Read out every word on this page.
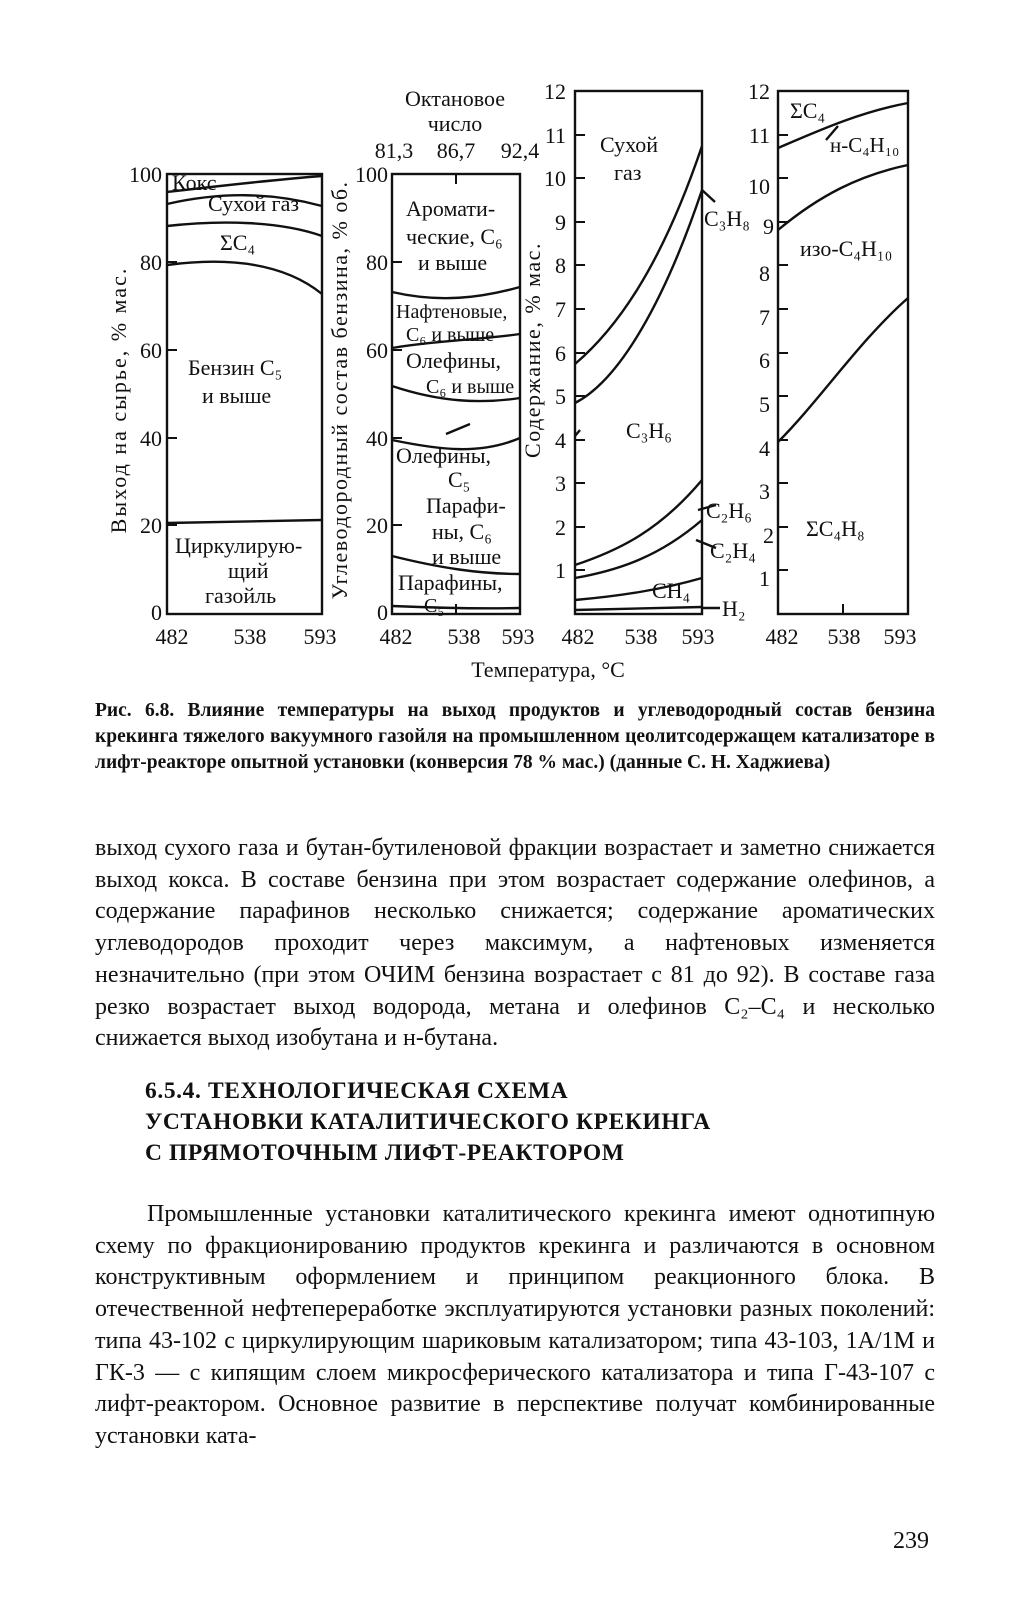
Выход на сырье, % мас.
100
80
60
40
20
0
482 538 593
Кокс
Сухой газ
ΣC₄
Бензин C₅
и выше
Циркулирую-
щий
газойль Углеводородный состав бензина, % об.
Октановое
число
81,3 86,7 92,4
100
80
60
40
20
0
482 538 593
Аромати-
ческие, C₆
и выше
Нафтеновые,
C₆ и выше
Олефины,
C₆ и выше
Олефины,
C₅
Парафи-
ны, C₆
и выше
Парафины,
C₅
Содержание, % мас.
12
11
10
9
8
7
6
5
4
3
2
1
482 538 593
Сухой
газ
C₃H₈
C₃H₆
C₂H₆
C₂H₄
CH₄
H₂
12
11
10
9
8
7
6
5
4
3
2
1
482 538 593
ΣC₄
н-C₄H₁₀
изо-C₄H₁₀
ΣC₄H₈
Температура, °C

Рис. 6.8. Влияние температуры на выход продуктов и углеводородный состав бензина крекинга тяжелого вакуумного газойля на промышленном цеолитсодержащем катализаторе в лифт-реакторе опытной установки (конверсия 78 % мас.) (данные С. Н. Хаджиева)

выход сухого газа и бутан-бутиленовой фракции возрастает и заметно снижается выход кокса. В составе бензина при этом возрастает содержание олефинов, а содержание парафинов несколько снижается; содержание ароматических углеводородов проходит через максимум, а нафтеновых изменяется незначительно (при этом ОЧИМ бензина возрастает с 81 до 92). В составе газа резко возрастает выход водорода, метана и олефинов C₂–C₄ и несколько снижается выход изобутана и н-бутана.

6.5.4. ТЕХНОЛОГИЧЕСКАЯ СХЕМА
УСТАНОВКИ КАТАЛИТИЧЕСКОГО КРЕКИНГА
С ПРЯМОТОЧНЫМ ЛИФТ-РЕАКТОРОМ

Промышленные установки каталитического крекинга имеют однотипную схему по фракционированию продуктов крекинга и различаются в основном конструктивным оформлением и принципом реакционного блока. В отечественной нефтепереработке эксплуатируются установки разных поколений: типа 43-102 с циркулирующим шариковым катализатором; типа 43-103, 1А/1М и ГК-3 — с кипящим слоем микросферического катализатора и типа Г-43-107 с лифт-реактором. Основное развитие в перспективе получат комбинированные установки ката-

239
